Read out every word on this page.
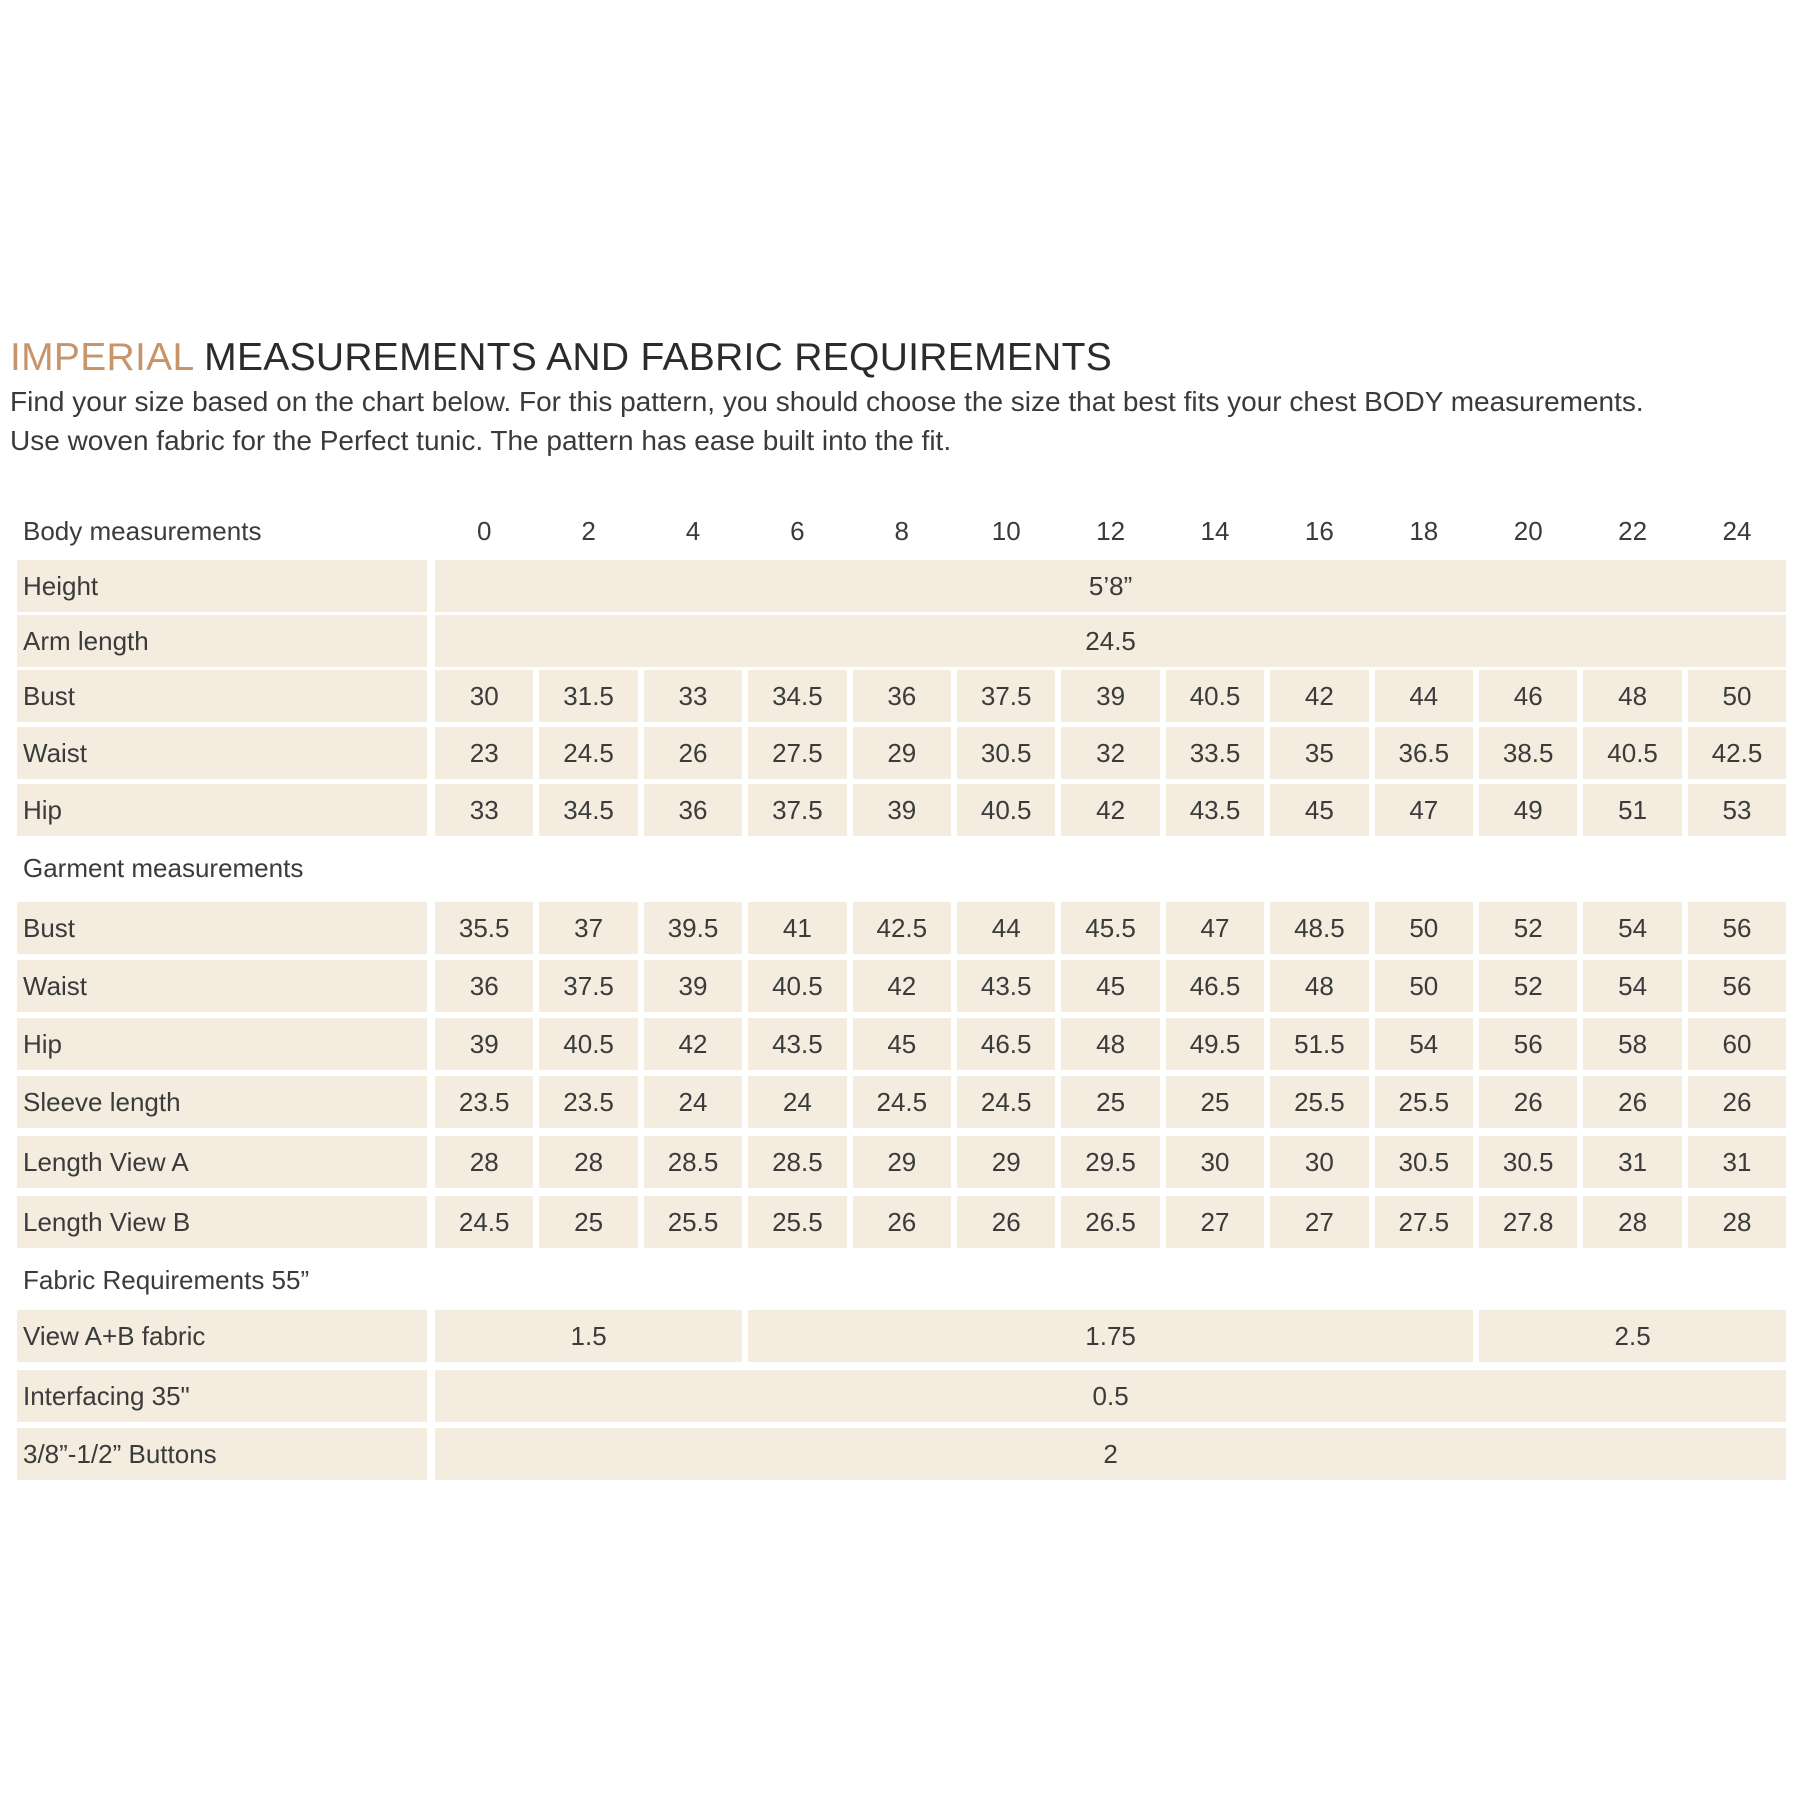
IMPERIAL MEASUREMENTS AND FABRIC REQUIREMENTS
Find your size based on the chart below. For this pattern, you should choose the size that best fits your chest BODY measurements.
Use woven fabric for the Perfect tunic. The pattern has ease built into the fit.
Body measurements	0	2	4	6	8	10	12	14	16	18	20	22	24
Height	5’8”
Arm length	24.5
Bust	30	31.5	33	34.5	36	37.5	39	40.5	42	44	46	48	50
Waist	23	24.5	26	27.5	29	30.5	32	33.5	35	36.5	38.5	40.5	42.5
Hip	33	34.5	36	37.5	39	40.5	42	43.5	45	47	49	51	53
Garment measurements
Bust	35.5	37	39.5	41	42.5	44	45.5	47	48.5	50	52	54	56
Waist	36	37.5	39	40.5	42	43.5	45	46.5	48	50	52	54	56
Hip	39	40.5	42	43.5	45	46.5	48	49.5	51.5	54	56	58	60
Sleeve length	23.5	23.5	24	24	24.5	24.5	25	25	25.5	25.5	26	26	26
Length View A	28	28	28.5	28.5	29	29	29.5	30	30	30.5	30.5	31	31
Length View B	24.5	25	25.5	25.5	26	26	26.5	27	27	27.5	27.8	28	28
Fabric Requirements 55”
View A+B fabric	1.5	1.75	2.5
Interfacing 35"	0.5
3/8”-1/2” Buttons	2
